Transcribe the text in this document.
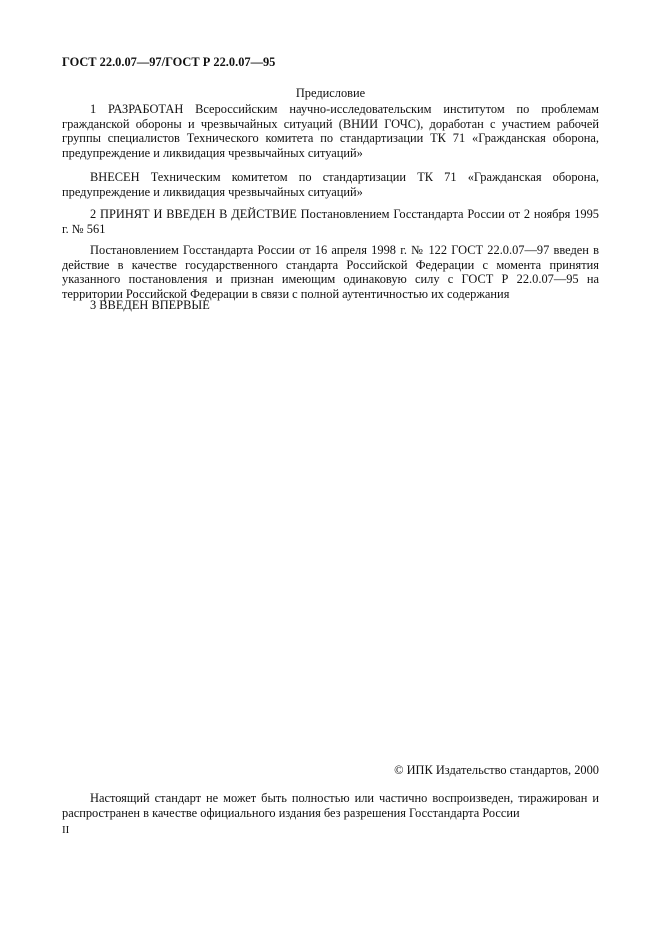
ГОСТ 22.0.07—97/ГОСТ Р 22.0.07—95
Предисловие

1 РАЗРАБОТАН Всероссийским научно-исследовательским институтом по проблемам гражданской обороны и чрезвычайных ситуаций (ВНИИ ГОЧС), доработан с участием рабочей группы специалистов Технического комитета по стандартизации ТК 71 «Гражданская оборона, предупреждение и ликвидация чрезвычайных ситуаций»

ВНЕСЕН Техническим комитетом по стандартизации ТК 71 «Гражданская оборона, предупреждение и ликвидация чрезвычайных ситуаций»

2 ПРИНЯТ И ВВЕДЕН В ДЕЙСТВИЕ Постановлением Госстандарта России от 2 ноября 1995 г. № 561

Постановлением Госстандарта России от 16 апреля 1998 г. № 122 ГОСТ 22.0.07—97 введен в действие в качестве государственного стандарта Российской Федерации с момента принятия указанного постановления и признан имеющим одинаковую силу с ГОСТ Р 22.0.07—95 на территории Российской Федерации в связи с полной аутентичностью их содержания

3 ВВЕДЕН ВПЕРВЫЕ

© ИПК Издательство стандартов, 2000

Настоящий стандарт не может быть полностью или частично воспроизведен, тиражирован и распространен в качестве официального издания без разрешения Госстандарта России

II
